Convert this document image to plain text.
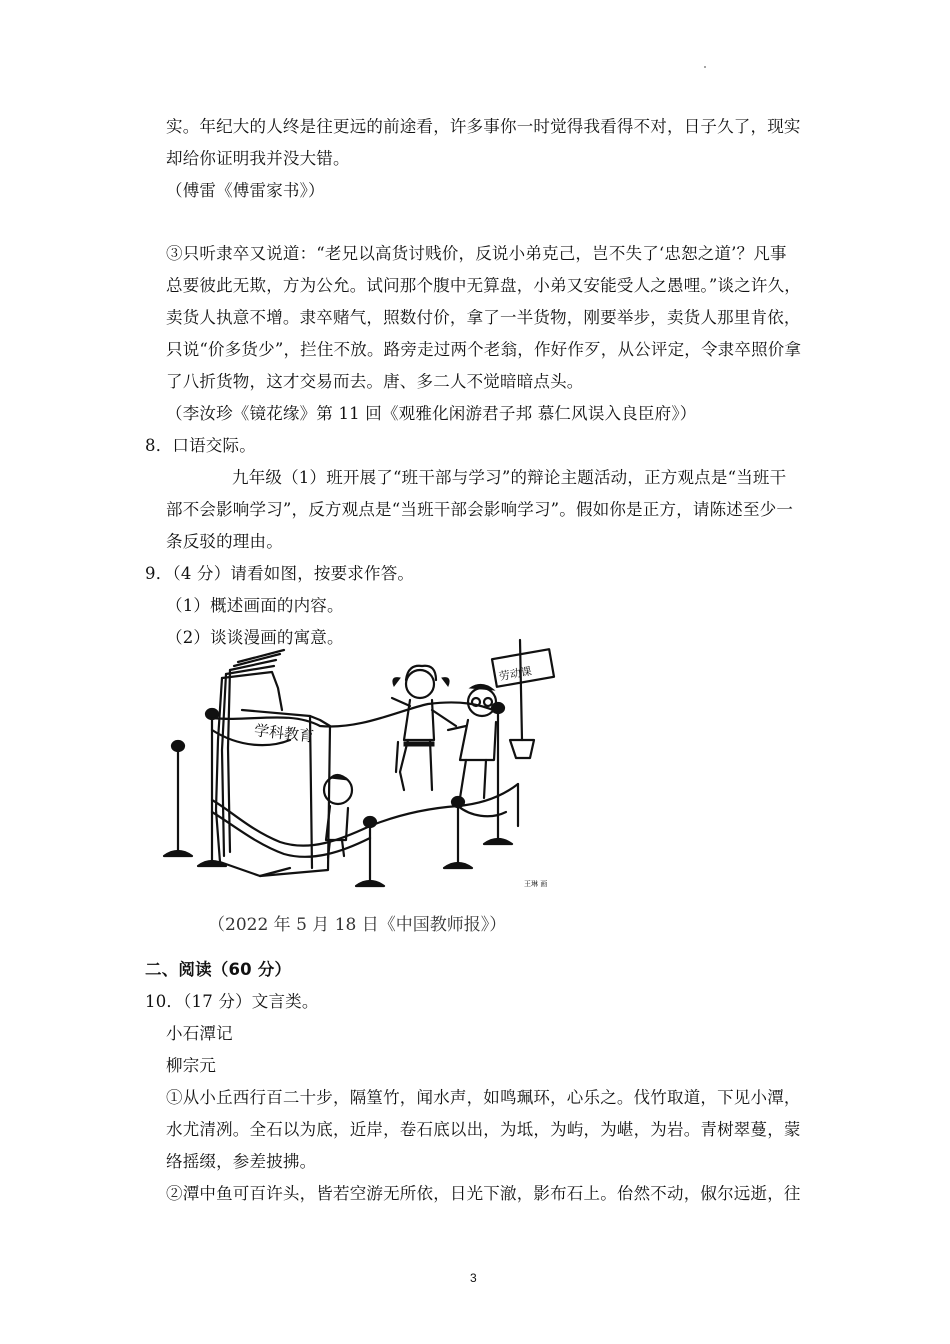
实。年纪大的人终是往更远的前途看，许多事你一时觉得我看得不对，日子久了，现实
却给你证明我并没大错。
（傅雷《傅雷家书》）
③只听隶卒又说道：“老兄以高货讨贱价，反说小弟克己，岂不失了‘忠恕之道’？凡事
总要彼此无欺，方为公允。试问那个腹中无算盘，小弟又安能受人之愚哩。”谈之许久，
卖货人执意不增。隶卒赌气，照数付价，拿了一半货物，刚要举步，卖货人那里肯依，
只说“价多货少”，拦住不放。路旁走过两个老翁，作好作歹，从公评定，令隶卒照价拿
了八折货物，这才交易而去。唐、多二人不觉暗暗点头。
（李汝珍《镜花缘》第 11 回《观雅化闲游君子邦 慕仁风误入良臣府》）
8．口语交际。
九年级（1）班开展了“班干部与学习”的辩论主题活动，正方观点是“当班干
部不会影响学习”，反方观点是“当班干部会影响学习”。假如你是正方，请陈述至少一
条反驳的理由。
9．（4 分）请看如图，按要求作答。
（1）概述画面的内容。
（2）谈谈漫画的寓意。
学科教育
劳动课
王琳 画
（2022 年 5 月 18 日《中国教师报》）
二、阅读（60 分）
10．（17 分）文言类。
小石潭记
柳宗元
①从小丘西行百二十步，隔篁竹，闻水声，如鸣珮环，心乐之。伐竹取道，下见小潭，
水尤清冽。全石以为底，近岸，卷石底以出，为坻，为屿，为嵁，为岩。青树翠蔓，蒙
络摇缀，参差披拂。
②潭中鱼可百许头，皆若空游无所依，日光下澈，影布石上。佁然不动，俶尔远逝，往
3
